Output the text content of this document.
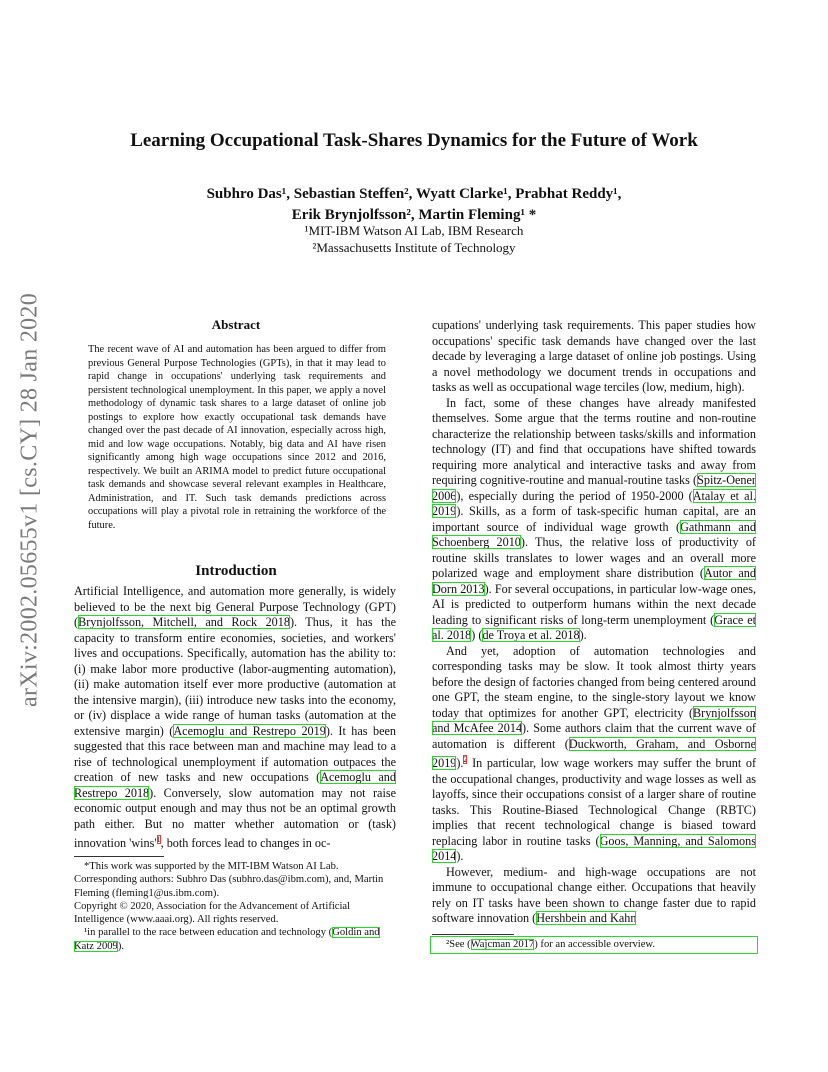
arXiv:2002.05655v1 [cs.CY] 28 Jan 2020
Learning Occupational Task-Shares Dynamics for the Future of Work
Subhro Das¹, Sebastian Steffen², Wyatt Clarke¹, Prabhat Reddy¹,
Erik Brynjolfsson², Martin Fleming¹ *
¹MIT-IBM Watson AI Lab, IBM Research
²Massachusetts Institute of Technology
Abstract
The recent wave of AI and automation has been argued to differ from previous General Purpose Technologies (GPTs), in that it may lead to rapid change in occupations' underlying task requirements and persistent technological unemployment. In this paper, we apply a novel methodology of dynamic task shares to a large dataset of online job postings to explore how exactly occupational task demands have changed over the past decade of AI innovation, especially across high, mid and low wage occupations. Notably, big data and AI have risen significantly among high wage occupations since 2012 and 2016, respectively. We built an ARIMA model to predict future occupational task demands and showcase several relevant examples in Healthcare, Administration, and IT. Such task demands predictions across occupations will play a pivotal role in retraining the workforce of the future.
Introduction

Artificial Intelligence, and automation more generally, is widely believed to be the next big General Purpose Technology (GPT) (Brynjolfsson, Mitchell, and Rock 2018). Thus, it has the capacity to transform entire economies, societies, and workers' lives and occupations. Specifically, automation has the ability to: (i) make labor more productive (labor-augmenting automation), (ii) make automation itself ever more productive (automation at the intensive margin), (iii) introduce new tasks into the economy, or (iv) displace a wide range of human tasks (automation at the extensive margin) (Acemoglu and Restrepo 2019). It has been suggested that this race between man and machine may lead to a rise of technological unemployment if automation outpaces the creation of new tasks and new occupations (Acemoglu and Restrepo 2018). Conversely, slow automation may not raise economic output enough and may thus not be an optimal growth path either. But no matter whether automation or (task) innovation 'wins'$^1$, both forces lead to changes in oc-

cupations' underlying task requirements. This paper studies how occupations' specific task demands have changed over the last decade by leveraging a large dataset of online job postings. Using a novel methodology we document trends in occupations and tasks as well as occupational wage terciles (low, medium, high).

In fact, some of these changes have already manifested themselves. Some argue that the terms routine and non-routine characterize the relationship between tasks/skills and information technology (IT) and find that occupations have shifted towards requiring more analytical and interactive tasks and away from requiring cognitive-routine and manual-routine tasks (Spitz-Oener 2006), especially during the period of 1950-2000 (Atalay et al. 2019). Skills, as a form of task-specific human capital, are an important source of individual wage growth (Gathmann and Schoenberg 2010). Thus, the relative loss of productivity of routine skills translates to lower wages and an overall more polarized wage and employment share distribution (Autor and Dorn 2013). For several occupations, in particular low-wage ones, AI is predicted to outperform humans within the next decade leading to significant risks of long-term unemployment (Grace et al. 2018) (de Troya et al. 2018).

And yet, adoption of automation technologies and corresponding tasks may be slow. It took almost thirty years before the design of factories changed from being centered around one GPT, the steam engine, to the single-story layout we know today that optimizes for another GPT, electricity (Brynjolfsson and McAfee 2014). Some authors claim that the current wave of automation is different (Duckworth, Graham, and Osborne 2019).$^2$ In particular, low wage workers may suffer the brunt of the occupational changes, productivity and wage losses as well as layoffs, since their occupations consist of a larger share of routine tasks. This Routine-Biased Technological Change (RBTC) implies that recent technological change is biased toward replacing labor in routine tasks (Goos, Manning, and Salomons 2014).

However, medium- and high-wage occupations are not immune to occupational change either. Occupations that heavily rely on IT tasks have been shown to change faster due to rapid software innovation (Hershbein and Kahn

*This work was supported by the MIT-IBM Watson AI Lab. Corresponding authors: Subhro Das (subhro.das@ibm.com), and, Martin Fleming (fleming1@us.ibm.com).

Copyright © 2020, Association for the Advancement of Artificial Intelligence (www.aaai.org). All rights reserved.

¹in parallel to the race between education and technology (Goldin and Katz 2009).	²See (Wajcman 2017) for an accessible overview.
